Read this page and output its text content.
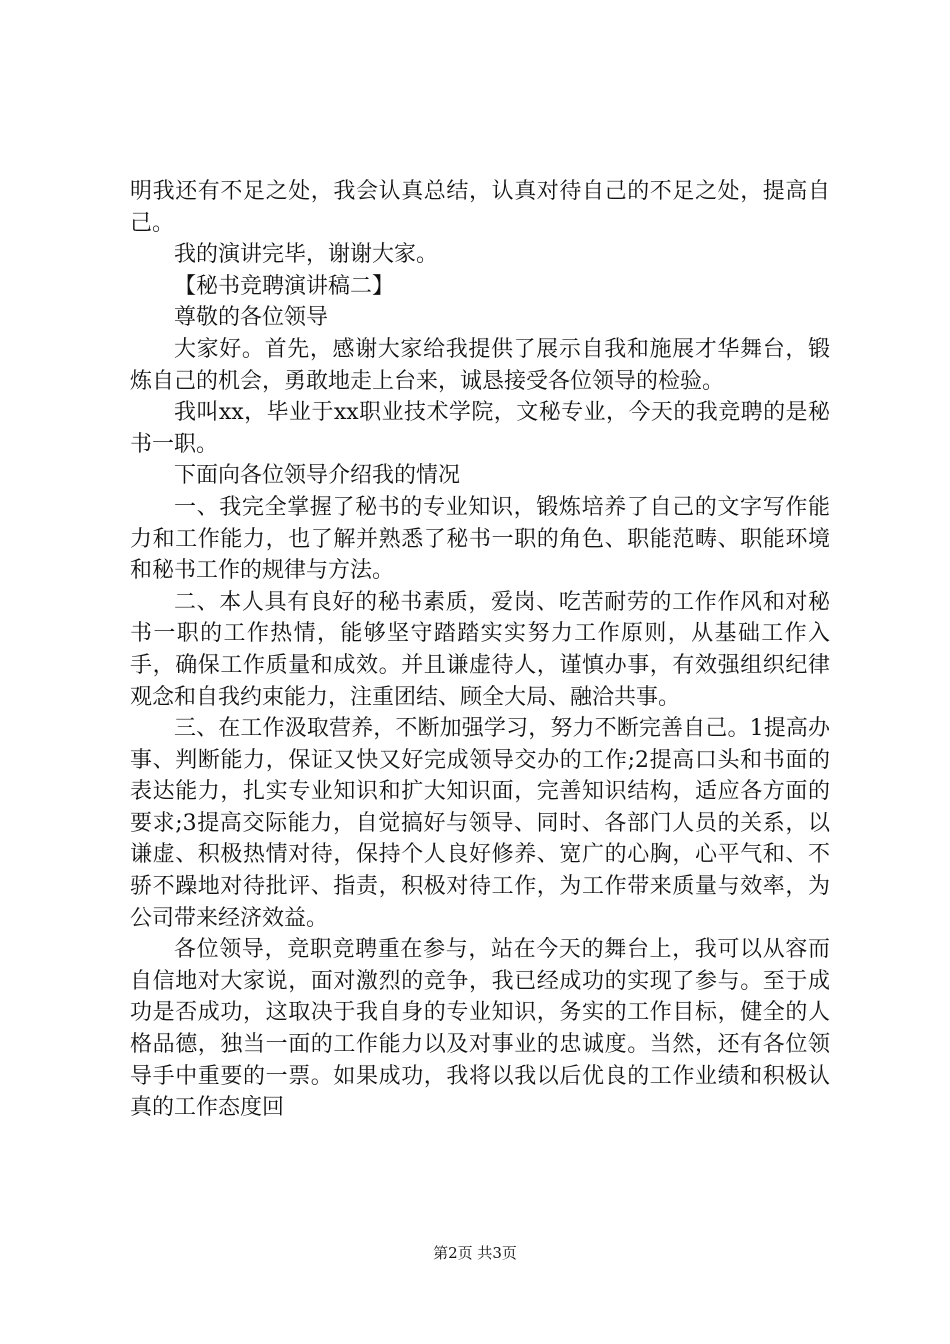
明我还有不足之处，我会认真总结，认真对待自己的不足之处，提高自己。

我的演讲完毕，谢谢大家。

【秘书竞聘演讲稿二】

尊敬的各位领导

大家好。首先，感谢大家给我提供了展示自我和施展才华舞台，锻炼自己的机会，勇敢地走上台来，诚恳接受各位领导的检验。

我叫xx，毕业于xx职业技术学院，文秘专业，今天的我竞聘的是秘书一职。

下面向各位领导介绍我的情况

一、我完全掌握了秘书的专业知识，锻炼培养了自己的文字写作能力和工作能力，也了解并熟悉了秘书一职的角色、职能范畴、职能环境和秘书工作的规律与方法。

二、本人具有良好的秘书素质，爱岗、吃苦耐劳的工作作风和对秘书一职的工作热情，能够坚守踏踏实实努力工作原则，从基础工作入手，确保工作质量和成效。并且谦虚待人，谨慎办事，有效强组织纪律观念和自我约束能力，注重团结、顾全大局、融洽共事。

三、在工作汲取营养，不断加强学习，努力不断完善自己。1提高办事、判断能力，保证又快又好完成领导交办的工作;2提高口头和书面的表达能力，扎实专业知识和扩大知识面，完善知识结构，适应各方面的要求;3提高交际能力，自觉搞好与领导、同时、各部门人员的关系，以谦虚、积极热情对待，保持个人良好修养、宽广的心胸，心平气和、不骄不躁地对待批评、指责，积极对待工作，为工作带来质量与效率，为公司带来经济效益。

各位领导，竞职竞聘重在参与，站在今天的舞台上，我可以从容而自信地对大家说，面对激烈的竞争，我已经成功的实现了参与。至于成功是否成功，这取决于我自身的专业知识，务实的工作目标，健全的人格品德，独当一面的工作能力以及对事业的忠诚度。当然，还有各位领导手中重要的一票。如果成功，我将以我以后优良的工作业绩和积极认真的工作态度回

第2页 共3页
